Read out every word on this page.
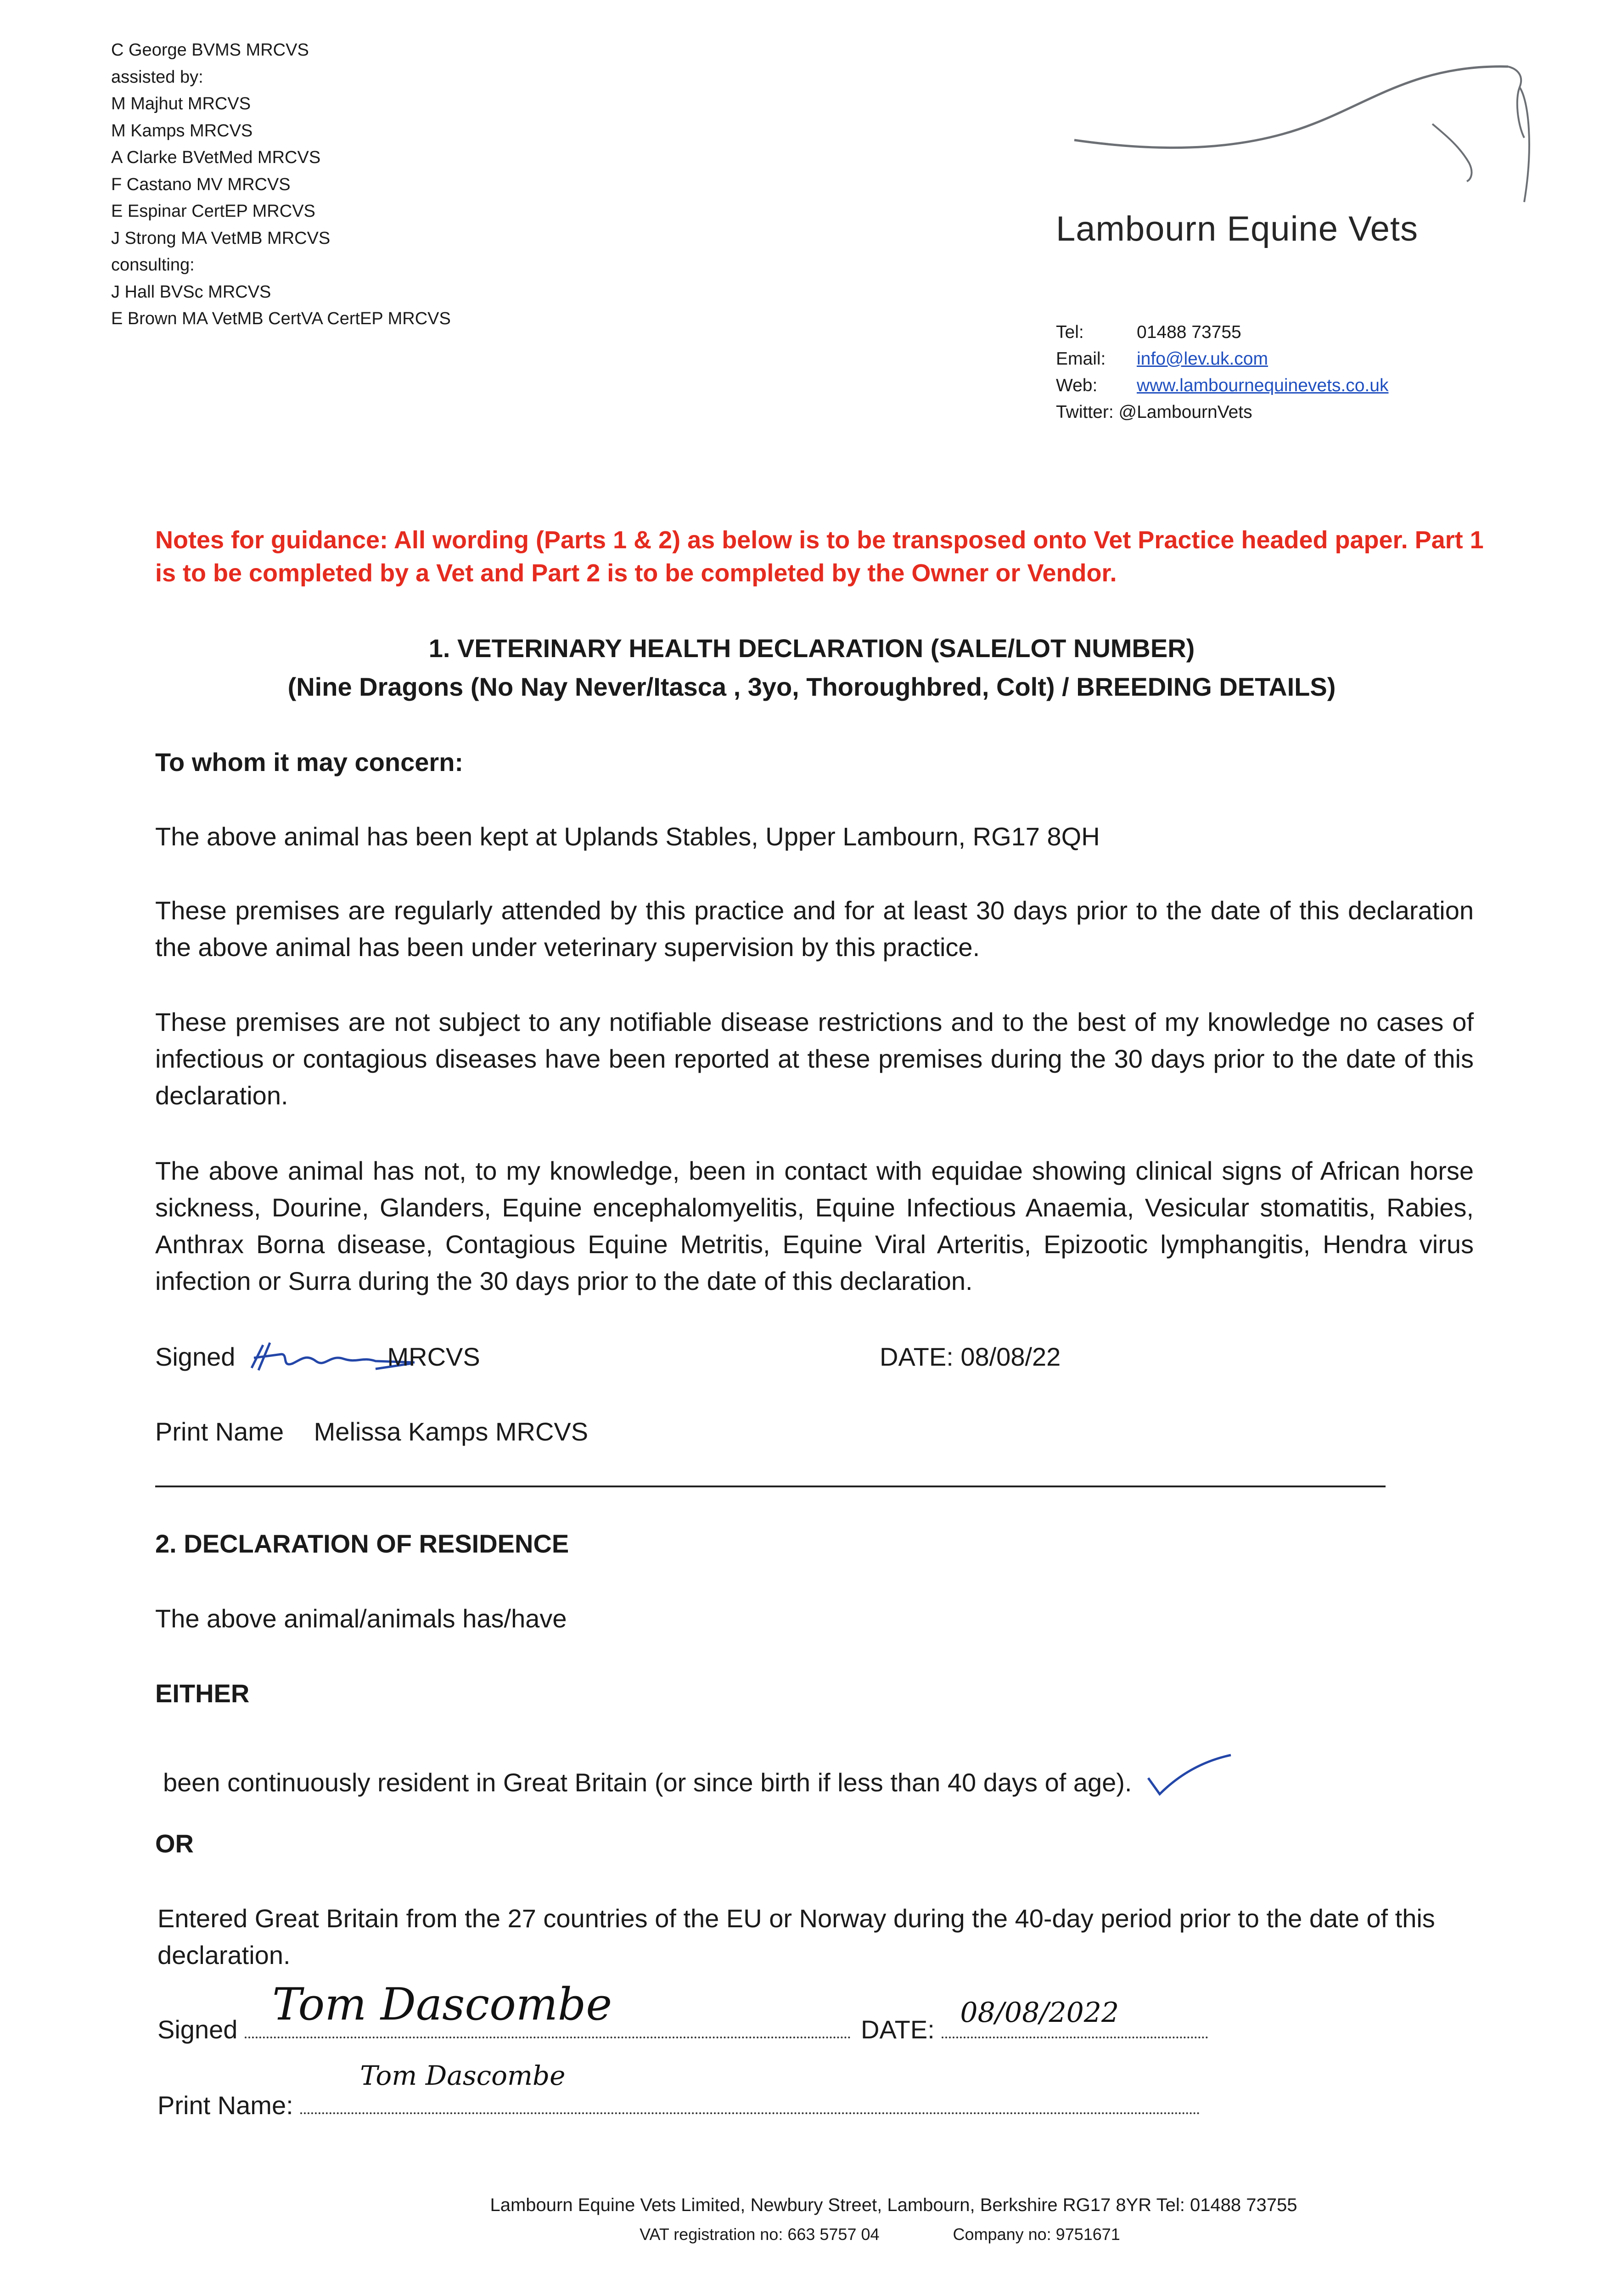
C George BVMS MRCVS
assisted by:
M Majhut MRCVS
M Kamps MRCVS
A Clarke BVetMed MRCVS
F Castano MV MRCVS
E Espinar CertEP MRCVS
J Strong MA VetMB MRCVS
consulting:
J Hall BVSc MRCVS
E Brown MA VetMB CertVA CertEP MRCVS
Lambourn Equine Vets
Tel:	01488 73755
Email:	info@lev.uk.com
Web:	www.lambournequinevets.co.uk
Twitter: @LambournVets
Notes for guidance: All wording (Parts 1 & 2) as below is to be transposed onto Vet Practice headed paper. Part 1 is to be completed by a Vet and Part 2 is to be completed by the Owner or Vendor.
1. VETERINARY HEALTH DECLARATION (SALE/LOT NUMBER)
(Nine Dragons (No Nay Never/Itasca , 3yo, Thoroughbred, Colt) / BREEDING DETAILS)
To whom it may concern:
The above animal has been kept at Uplands Stables, Upper Lambourn, RG17 8QH
These premises are regularly attended by this practice and for at least 30 days prior to the date of this declaration the above animal has been under veterinary supervision by this practice.
These premises are not subject to any notifiable disease restrictions and to the best of my knowledge no cases of infectious or contagious diseases have been reported at these premises during the 30 days prior to the date of this declaration.
The above animal has not, to my knowledge, been in contact with equidae showing clinical signs of African horse sickness, Dourine, Glanders, Equine encephalomyelitis, Equine Infectious Anaemia, Vesicular stomatitis, Rabies, Anthrax Borna disease, Contagious Equine Metritis, Equine Viral Arteritis, Epizootic lymphangitis, Hendra virus infection or Surra during the 30 days prior to the date of this declaration.
Signed	MRCVS	DATE: 08/08/22
Print Name Melissa Kamps MRCVS
2. DECLARATION OF RESIDENCE
The above animal/animals has/have
EITHER
been continuously resident in Great Britain (or since birth if less than 40 days of age).
OR
Entered Great Britain from the 27 countries of the EU or Norway during the 40-day period prior to the date of this declaration.
Signed Tom Dascombe	DATE:
08/08/2022
Print Name:
Tom Dascombe
Lambourn Equine Vets Limited, Newbury Street, Lambourn, Berkshire RG17 8YR Tel: 01488 73755
VAT registration no: 663 5757 04	Company no: 9751671
